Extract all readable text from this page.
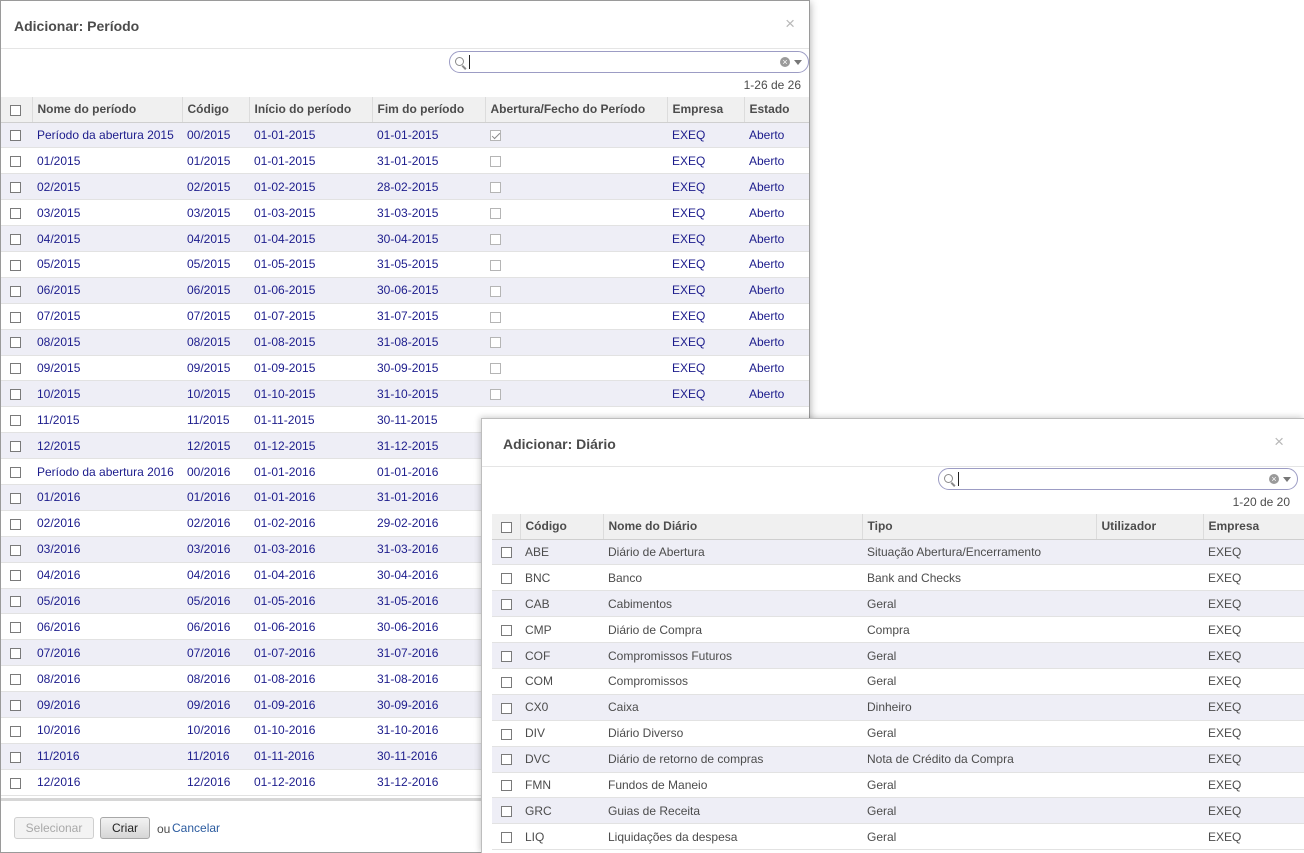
Adicionar: Período	×
×
1-26 de 26
	Nome do período	Código	Início do período	Fim do período	Abertura/Fecho do Período	Empresa	Estado	
	Período da abertura 2015	00/2015	01-01-2015	01-01-2015		EXEQ	Aberto	
	01/2015	01/2015	01-01-2015	31-01-2015		EXEQ	Aberto	
	02/2015	02/2015	01-02-2015	28-02-2015		EXEQ	Aberto	
	03/2015	03/2015	01-03-2015	31-03-2015		EXEQ	Aberto	
	04/2015	04/2015	01-04-2015	30-04-2015		EXEQ	Aberto	
	05/2015	05/2015	01-05-2015	31-05-2015		EXEQ	Aberto	
	06/2015	06/2015	01-06-2015	30-06-2015		EXEQ	Aberto	
	07/2015	07/2015	01-07-2015	31-07-2015		EXEQ	Aberto	
	08/2015	08/2015	01-08-2015	31-08-2015		EXEQ	Aberto	
	09/2015	09/2015	01-09-2015	30-09-2015		EXEQ	Aberto	
	10/2015	10/2015	01-10-2015	31-10-2015		EXEQ	Aberto	
	11/2015	11/2015	01-11-2015	30-11-2015				
	12/2015	12/2015	01-12-2015	31-12-2015				
	Período da abertura 2016	00/2016	01-01-2016	01-01-2016				
	01/2016	01/2016	01-01-2016	31-01-2016				
	02/2016	02/2016	01-02-2016	29-02-2016				
	03/2016	03/2016	01-03-2016	31-03-2016				
	04/2016	04/2016	01-04-2016	30-04-2016				
	05/2016	05/2016	01-05-2016	31-05-2016				
	06/2016	06/2016	01-06-2016	30-06-2016				
	07/2016	07/2016	01-07-2016	31-07-2016				
	08/2016	08/2016	01-08-2016	31-08-2016				
	09/2016	09/2016	01-09-2016	30-09-2016				
	10/2016	10/2016	01-10-2016	31-10-2016				
	11/2016	11/2016	01-11-2016	30-11-2016				
	12/2016	12/2016	01-12-2016	31-12-2016				
Selecionar	Criar	ou Cancelar
Adicionar: Diário	×
×
1-20 de 20
	Código	Nome do Diário	Tipo	Utilizador	Empresa
	ABE	Diário de Abertura	Situação Abertura/Encerramento		EXEQ
	BNC	Banco	Bank and Checks		EXEQ
	CAB	Cabimentos	Geral		EXEQ
	CMP	Diário de Compra	Compra		EXEQ
	COF	Compromissos Futuros	Geral		EXEQ
	COM	Compromissos	Geral		EXEQ
	CX0	Caixa	Dinheiro		EXEQ
	DIV	Diário Diverso	Geral		EXEQ
	DVC	Diário de retorno de compras	Nota de Crédito da Compra		EXEQ
	FMN	Fundos de Maneio	Geral		EXEQ
	GRC	Guias de Receita	Geral		EXEQ
	LIQ	Liquidações da despesa	Geral		EXEQ
